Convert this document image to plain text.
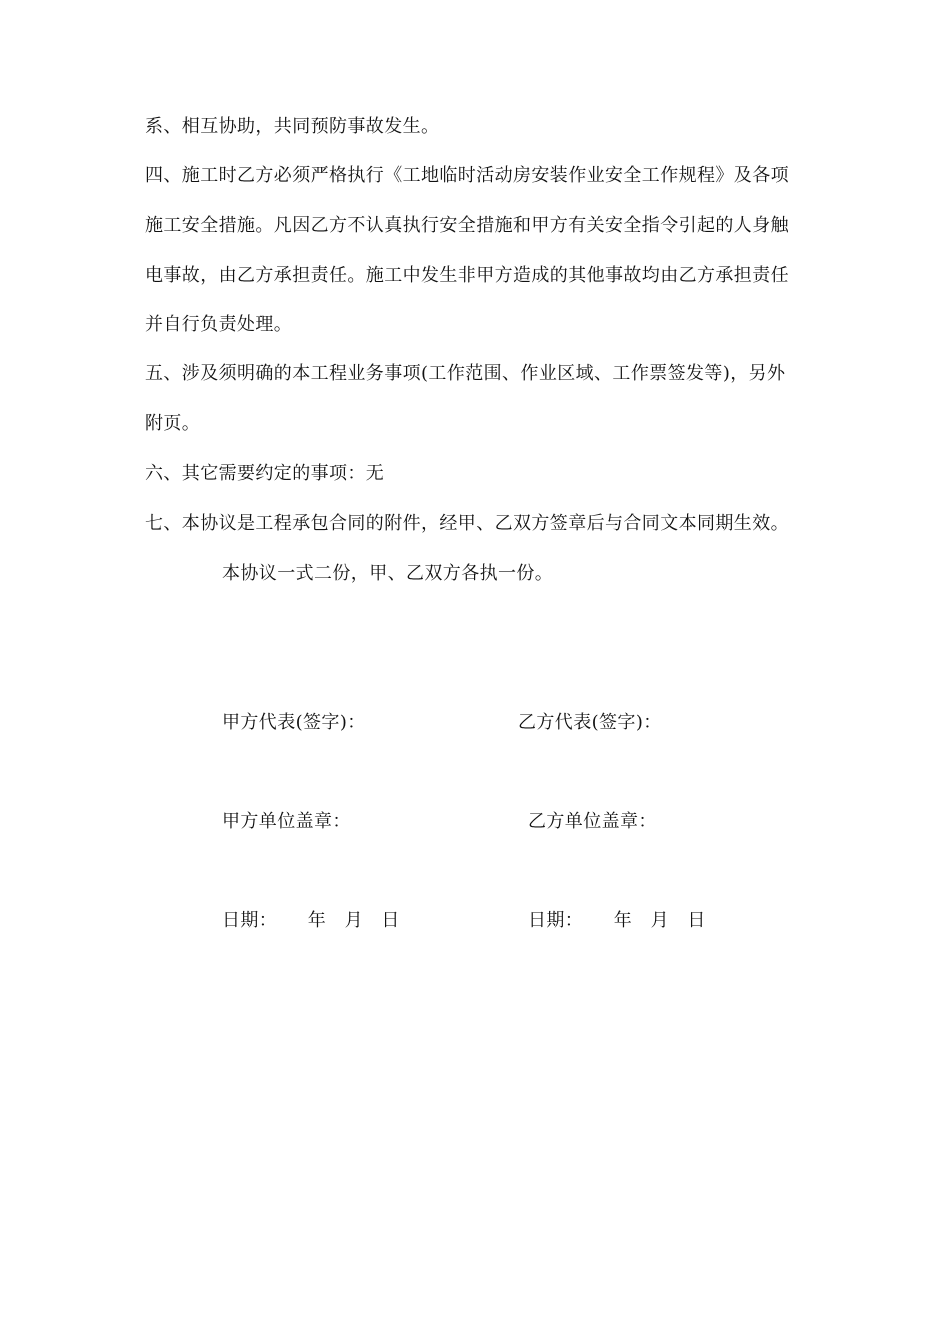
系、相互协助，共同预防事故发生。
四、施工时乙方必须严格执行《工地临时活动房安装作业安全工作规程》及各项
施工安全措施。凡因乙方不认真执行安全措施和甲方有关安全指令引起的人身触
电事故，由乙方承担责任。施工中发生非甲方造成的其他事故均由乙方承担责任
并自行负责处理。
五、涉及须明确的本工程业务事项(工作范围、作业区域、工作票签发等)，另外
附页。
六、其它需要约定的事项：无
七、本协议是工程承包合同的附件，经甲、乙双方签章后与合同文本同期生效。
本协议一式二份，甲、乙双方各执一份。
甲方代表(签字)：	乙方代表(签字)：
甲方单位盖章：	乙方单位盖章：
日期：     年   月   日	日期：     年   月   日
